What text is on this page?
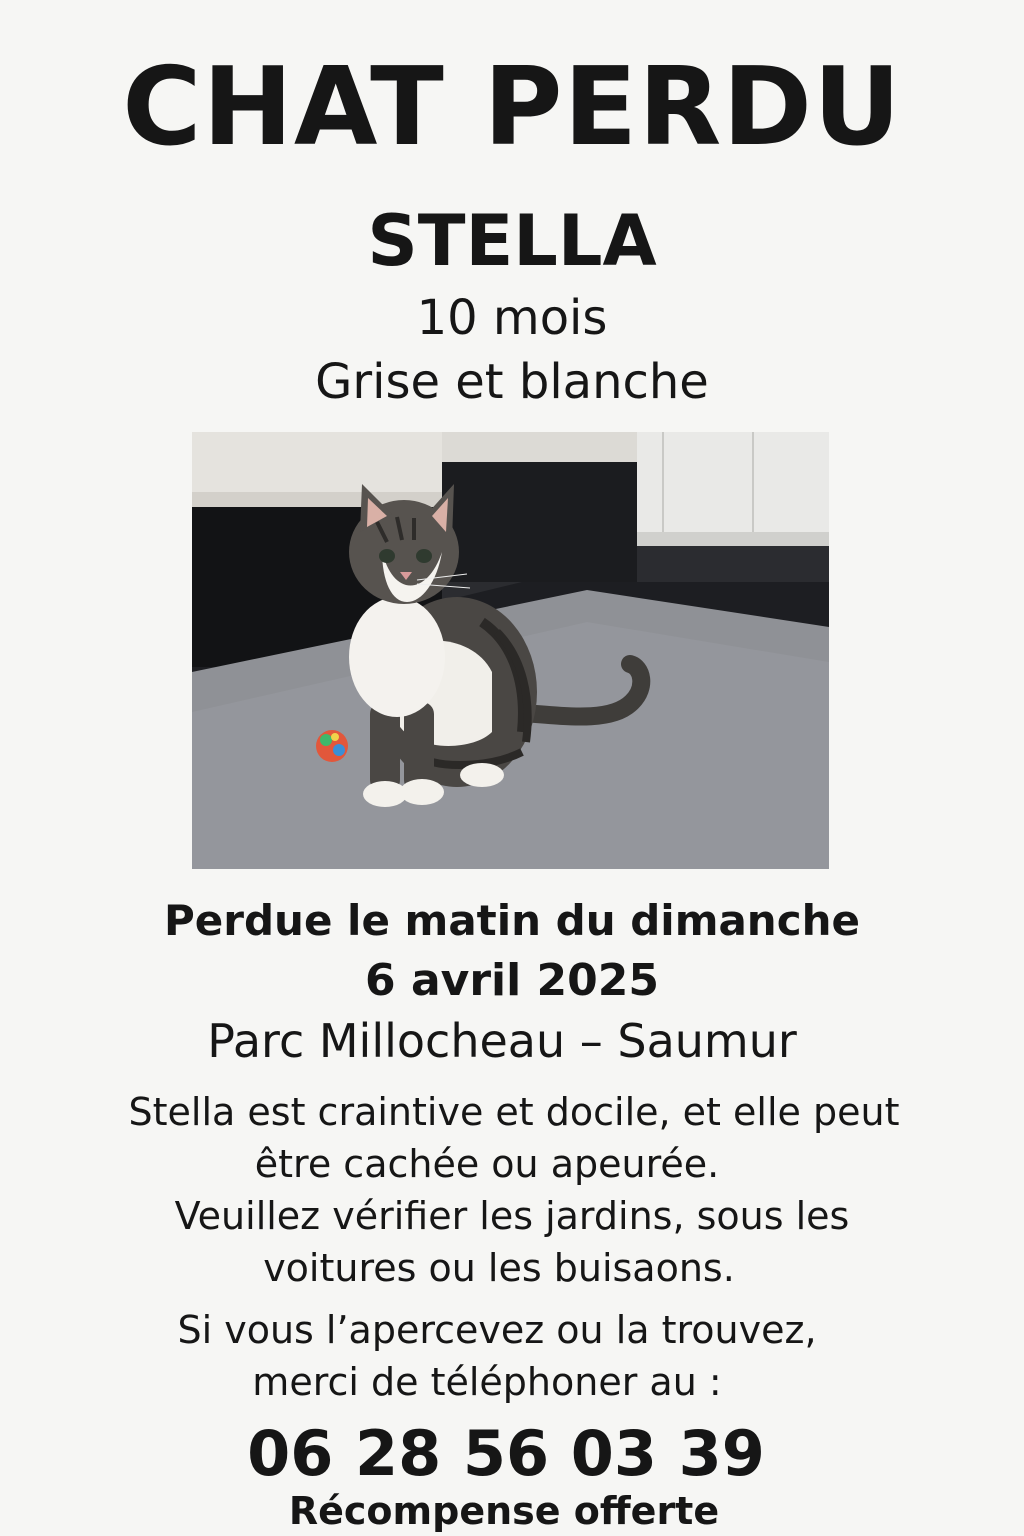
CHAT PERDU
STELLA
10 mois
Grise et blanche
Perdue le matin du dimanche
6 avril 2025
Parc Millocheau – Saumur
Stella est craintive et docile, et elle peut
être cachée ou apeurée.
Veuillez vérifier les jardins, sous les
voitures ou les buisaons.
Si vous l’apercevez ou la trouvez,
merci de téléphoner au :
06 28 56 03 39
Récompense offerte
